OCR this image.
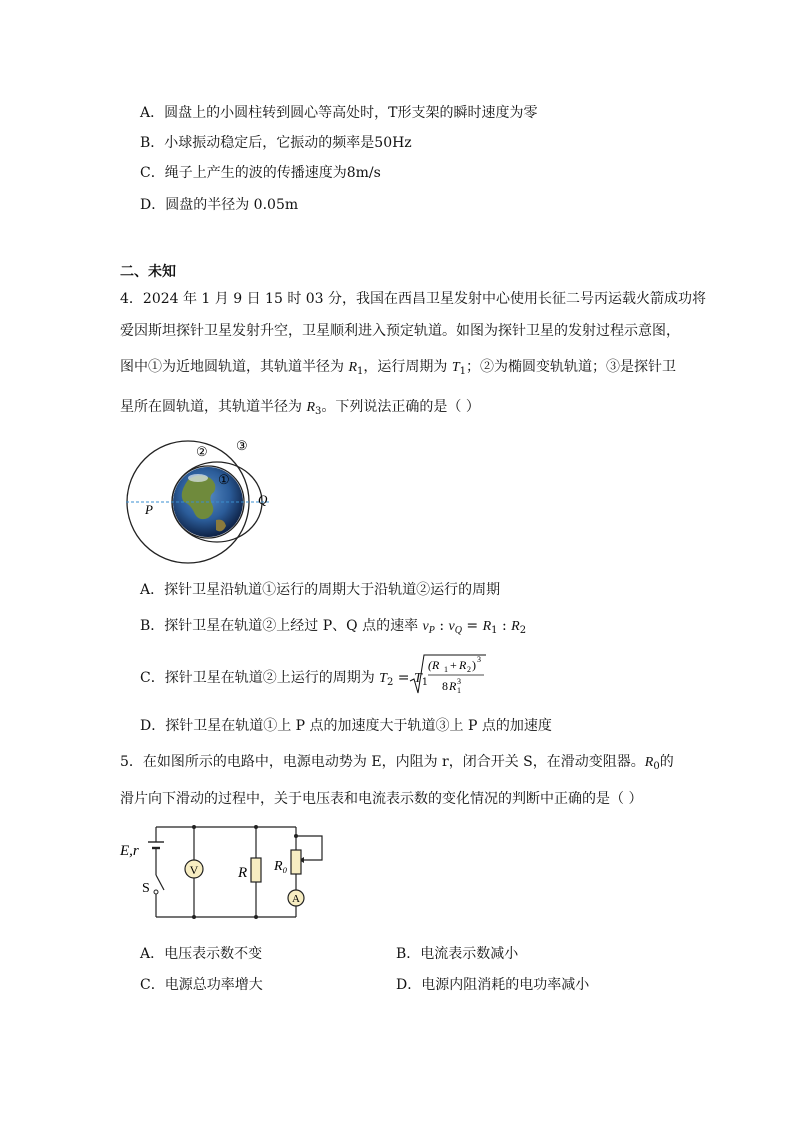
A．圆盘上的小圆柱转到圆心等高处时，T形支架的瞬时速度为零
B．小球振动稳定后，它振动的频率是50Hz
C．绳子上产生的波的传播速度为8m/s
D．圆盘的半径为 0.05m
二、未知
4．2024 年 1 月 9 日 15 时 03 分，我国在西昌卫星发射中心使用长征二号丙运载火箭成功将
爱因斯坦探针卫星发射升空，卫星顺利进入预定轨道。如图为探针卫星的发射过程示意图，
图中①为近地圆轨道，其轨道半径为 $R_1$，运行周期为 $T_1$；②为椭圆变轨轨道；③是探针卫
星所在圆轨道，其轨道半径为 $R_3$。下列说法正确的是（ ）
② ③
①
P
Q
A．探针卫星沿轨道①运行的周期大于沿轨道②运行的周期
B．探针卫星在轨道②上经过 P、Q 点的速率 $v_P$ : $v_Q = R_1$ : $R_2$
C．探针卫星在轨道②上运行的周期为 $T_2 = T_1$
(R 1 + R 2 ) 3
8 R 1
3
D．探针卫星在轨道①上 P 点的加速度大于轨道③上 P 点的加速度
5．在如图所示的电路中，电源电动势为 E，内阻为 r，闭合开关 S，在滑动变阻器。$R_0$的
滑片向下滑动的过程中，关于电压表和电流表示数的变化情况的判断中正确的是（ ）
V
A
E,r
S
R R₀
A．电压表示数不变	B．电流表示数减小
C．电源总功率增大	D．电源内阻消耗的电功率减小
